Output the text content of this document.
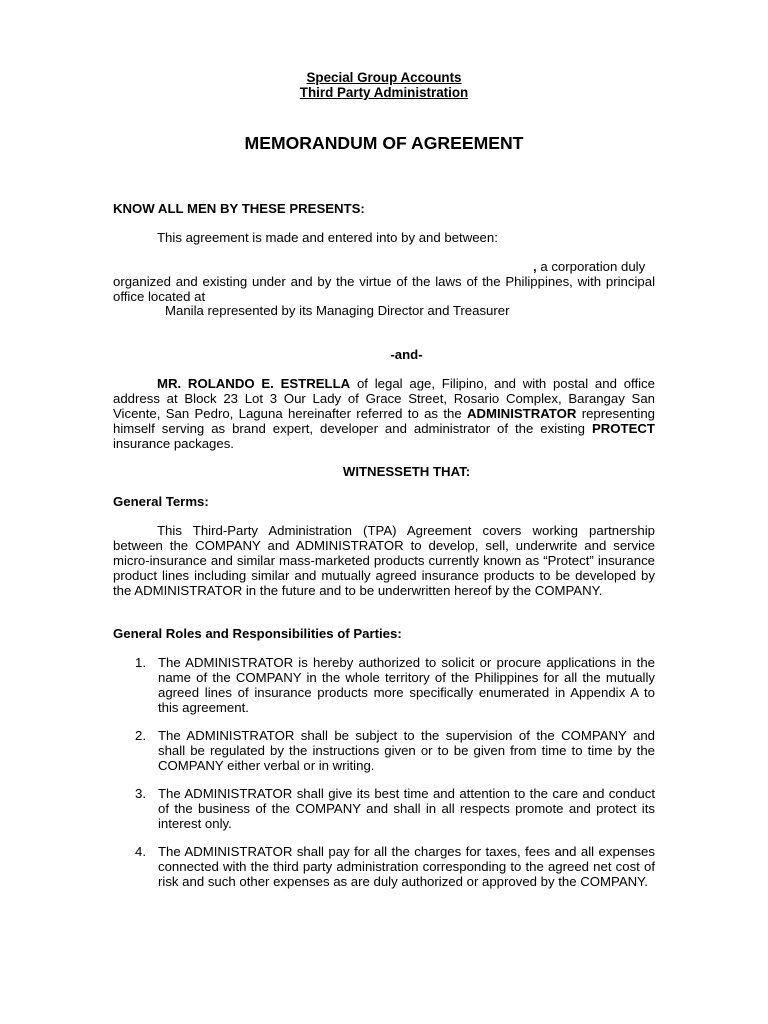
Special Group Accounts
Third Party Administration
MEMORANDUM OF AGREEMENT
KNOW ALL MEN BY THESE PRESENTS:
This agreement is made and entered into by and between:
, a corporation duly
organized and existing under and by the virtue of the laws of the Philippines, with principal office located at
Manila represented by its Managing Director and Treasurer
-and-
MR. ROLANDO E. ESTRELLA of legal age, Filipino, and with postal and office address at Block 23 Lot 3 Our Lady of Grace Street, Rosario Complex, Barangay San Vicente, San Pedro, Laguna hereinafter referred to as the ADMINISTRATOR representing himself serving as brand expert, developer and administrator of the existing PROTECT insurance packages.
WITNESSETH THAT:
General Terms:
This Third-Party Administration (TPA) Agreement covers working partnership between the COMPANY and ADMINISTRATOR to develop, sell, underwrite and service micro-insurance and similar mass-marketed products currently known as “Protect” insurance product lines including similar and mutually agreed insurance products to be developed by the ADMINISTRATOR in the future and to be underwritten hereof by the COMPANY.
General Roles and Responsibilities of Parties:
1. The ADMINISTRATOR is hereby authorized to solicit or procure applications in the name of the COMPANY in the whole territory of the Philippines for all the mutually agreed lines of insurance products more specifically enumerated in Appendix A to this agreement.
2. The ADMINISTRATOR shall be subject to the supervision of the COMPANY and shall be regulated by the instructions given or to be given from time to time by the COMPANY either verbal or in writing.
3. The ADMINISTRATOR shall give its best time and attention to the care and conduct of the business of the COMPANY and shall in all respects promote and protect its interest only.
4. The ADMINISTRATOR shall pay for all the charges for taxes, fees and all expenses connected with the third party administration corresponding to the agreed net cost of risk and such other expenses as are duly authorized or approved by the COMPANY.
